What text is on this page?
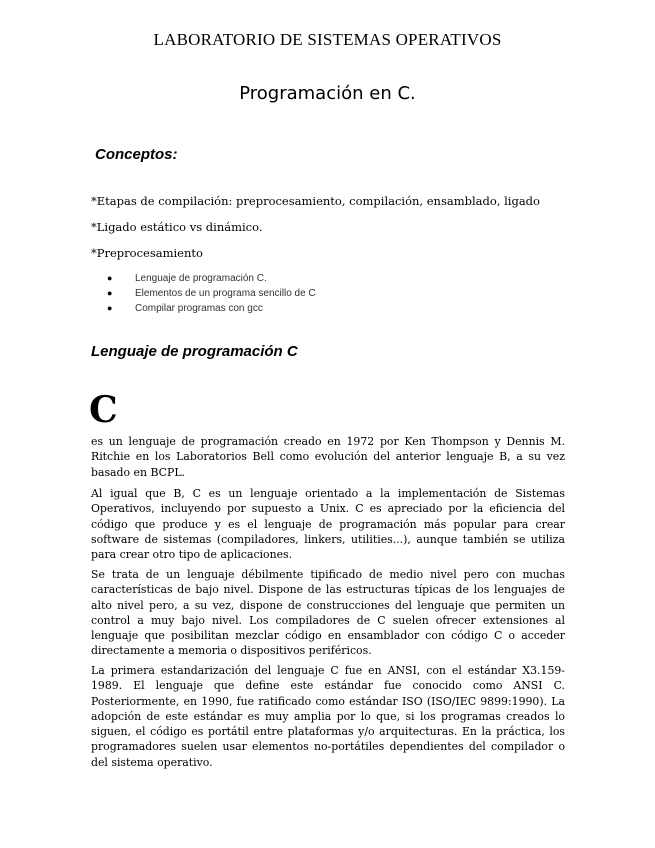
LABORATORIO DE SISTEMAS OPERATIVOS
Programación en C.
Conceptos:
*Etapas de compilación: preprocesamiento, compilación, ensamblado, ligado
*Ligado estático vs dinámico.
*Preprocesamiento
● Lenguaje de programación C.
● Elementos de un programa sencillo de C
● Compilar programas con gcc
Lenguaje de programación C
C

es un lenguaje de programación creado en 1972 por Ken Thompson y Dennis M. Ritchie en los Laboratorios Bell como evolución del anterior lenguaje B, a su vez basado en BCPL.

Al igual que B, C es un lenguaje orientado a la implementación de Sistemas Operativos, incluyendo por supuesto a Unix. C es apreciado por la eficiencia del código que produce y es el lenguaje de programación más popular para crear software de sistemas (compiladores, linkers, utilities...), aunque también se utiliza para crear otro tipo de aplicaciones.

Se trata de un lenguaje débilmente tipificado de medio nivel pero con muchas características de bajo nivel. Dispone de las estructuras típicas de los lenguajes de alto nivel pero, a su vez, dispone de construcciones del lenguaje que permiten un control a muy bajo nivel. Los compiladores de C suelen ofrecer extensiones al lenguaje que posibilitan mezclar código en ensamblador con código C o acceder directamente a memoria o dispositivos periféricos.

La primera estandarización del lenguaje C fue en ANSI, con el estándar X3.159-1989. El lenguaje que define este estándar fue conocido como ANSI C. Posteriormente, en 1990, fue ratificado como estándar ISO (ISO/IEC 9899:1990). La adopción de este estándar es muy amplia por lo que, si los programas creados lo siguen, el código es portátil entre plataformas y/o arquitecturas. En la práctica, los programadores suelen usar elementos no-portátiles dependientes del compilador o del sistema operativo.
